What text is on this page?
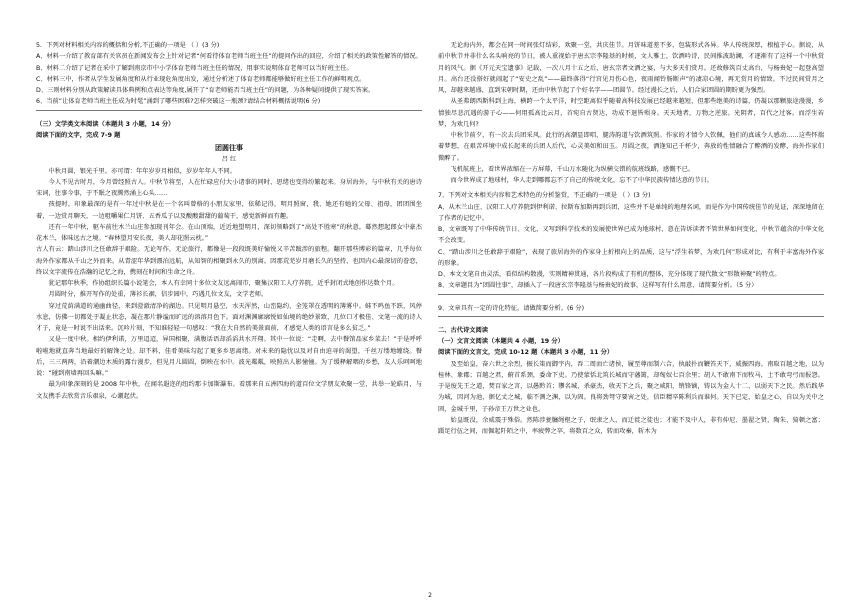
5．下列对材料相关内容的概括和分析,不正确的一项是 （ ）(3 分)

A、材料一介绍了教育部有关官员在新闻发布会上针对记者“何看待体育老师当班主任”的提问作出的回应，介绍了相关的政策性解答的情况。

B、材料二介绍了记者在采中了解到南京市中小学体育老师当班主任的情况，用事实说明体育老师可以当好班主任。

C、材料三中，作者从学生发展角度和从行业现危角度出发，通过分析述了体育老师都能够做好班主任工作的鲜明观点。

D、三则材料分别从政策解读具体典例和点表达等角度,展开了“育老师能否当班主任”的问题，为各种疑问提供了现实答案。

6、当前“让体育老师当班主任成为时髦”涌到了哪些困难?怎样突破这一瓶颈?请结合材料概括说明(6 分)

（三）文学类文本阅读（本题共 3 小题，14 分）

阅读下面的文字，完成 7-9 题

团圆往事

吕 红

中秋月圆，银光千里。亦可谓：年年岁岁月相似，岁岁年年人不同。

今人不见古时月，今月曾经照古人。中秋节将至，人在忙碌应付大小诸事的同时，思绪也变得纷繁起来。身居海外，与中秋有关的唐诗宋词，往事今事，于不眠之夜腾然涌上心头……

孩提时，印象最深的是有一年过中秋是在一个名叫曾格的小朋友家里，依稀记得，明月照窗，我、她还有她的父母、祖母，团团围坐着，一边赏月聊天，一边咀嚼果仁月饼、五香瓜子以及酸酸甜甜的葡萄干，感觉新鲜而有趣。

还有一年中秋，驱车前往木兰山庄参加现刊年会。在山顶端，近近地望明月，深切领略到了“高处不胜寒”的秋意。蓦然想起郎女中豪杰花木兰，体味远古之境。“春林望月安长夜，美人却花照云枕。”

古人有云：踏山涉川之任敢辞于艰险。无论写作，无论旅行，都像是一段段既美好愉悦又辛苦跋涉的旅程。翻开那些博彩的篇章，几乎每位海外作家都从千山之外而来。从青涩年华到漂泊远航，从知智的相聚到永久的别离。因那荒芜岁月磨长久的坚持，也因内心最深切的眷恋，终以文字流传在浩瀚的记忆之海，携刻在时间和生命之舟。

犹记那年秋季，作协组织长篇小说笔会，本人有幸同十多位文友远离闹市，聚集汉阳工人疗养院，近乎封闭式地创作达数个月。

月圆时分，推开写作的处重，薄衫长裾，信步园中，巧遇几位文友，文学老师。

穿过荒荫满道的通幽曲径，来到澄澈清净的湖边。只见明月悬空，水天浑然，山峦隐约，全笼罩在透明的薄雾中。蛙不鸣鱼不跃，风停水息，仿佛一切都处于凝止状态，凝在那片静谧而旷远的溶溶月色下。面对渊渊廓廓悦如仙境的绝妙景致，几位口才极佳、文笔一流的诗人才子，竟是一时说不出话来。沉吟片刻，不知谁轻轻一句感叹：“我在大自然的美景面前，才感觉人类的语言是多么贫乏。”

又是一度中秋。相约伊利诺，万里迢迢，异国相聚，满腹话语却滔滔共水开翔。其中一位说：“走啊，去中餐馆品家乡菜去！”于是呼呼啦啦地就直奔当地最好的解馋之处。却不料，佳肴美味勾起了更多乡思离绪。对未来的隐忧以及对自由迫寻的渴望，千丝万缕地缠绕。餐后，三三两两，沿着潮边木质的露台漫步，但见月儿圆圆，倒映在水中。波光粼粼，映照出人影憧憧。为了缓释解咽的乡愁，友人乐呵呵地说：“碰到南墙再回头嘛。”

最为印象深刻的是 2008 年中秋，在闻名遐迩的纽约那卡加斯瀑布。看那来自五洲四海的道百位文学朋友欢聚一堂，共举一轮皓月，与文友携手去欣赏音乐艰泉，心潮起伏。

无论海内外，都会在同一时间张灯结彩，欢聚一堂，共庆佳节。月饼味道差不多，包装形式各异。华人传统深厚，根植于心。据说，从前中秋节并非什么名头响亮的节日，被人重视始于唐玄宗李隆基的时候，文人雅士，饮酒吟诗，民间推波助澜，才逐渐有了这样一个中秋赏月的风气。据《开元天宝遗事》记载，一次八月十五之后，唐玄宗者文酒之宴，与大多天们赏月。还故修筑百丈高台，与杨贵妃一起登高望月。高台还没搭好就闹起了“安史之乱”——最终落得“行宫见月伤心色，夜雨闻铃肠断声”的凄凉心境，再无赏月的情致。不过民间赏月之风，却越来越盛，直到宋朝时期，还由中秋节起了个好名字——团圆节。经过漫长之后，人们合家团圆的期盼更为强烈。

从圣弗朗西斯科到上海，横跨一个太平洋，时空距离似乎随着高科技发展已经越来越短，但那些绝美的诗篇，仍凝以那颗旅途漫漫，乡情独尽悲沉遇的游子心——何用孤高比云月，首宛自古贤达，功成不退皆殒身。天天地者，万物之逆旅。光阴者，百代之过客。而浮生若梦，为欢几何?

中秋节前夕，有一次去兵团采风。此行的高潮显即唱，腿涛韵道与饮酒筑照。作家的才情令人钦佩，他们的真诚令人感动……这些怀揣着梦想，在艰苦环境中成长起来的兵团人后代，心灵美如和田玉。月圆之夜，酒逢知己千杯少，奔放的性情融合了醉酒的发酵，海外作家们微醉了。

飞机航班上，看世界浓缩在一方屏幕，千山万水随化为纵横交错的航班线路，感慨不已。

而今世界成了地球村，华人走到哪都忘不了自己的传统文化，忘不了中华民族传情达意的节日。

7、下列对文本相关内容和艺术特色的分析鉴赏，不正确的一项是 （ ）(3 分)

A、从木兰山庄、汉阳工人疗养院到伊利诺、拉斯布加斯再到兵团，这些并不是单纯的地理名词，而是作为中国传统佳节的见证，深深地留在了作者的记忆中。

B、文章既写了中华传统节日、文化，又写到科学技术的发展使世界已成为地球村，意在告诉读者不管世界如何变化，中秋节蕴含的中华文化不会改变。

C、“踏山涉川之任敢辞于艰险”，表现了旅居海外的作家身上折根向上的品质，这与“浮生若梦，为欢几何”形成对比，有利于丰富海外作家的形象。

D、本文文笔自由灵活，看似结构散漫，实则精神贯通，各片段构成了有机的整体，充分体现了现代散文“形散神聚”的特点。

8、文章题目为“团圆往事”，却插入了一段唐玄宗李隆基与杨贵妃的故事，这样写有什么用意，请简要分析。（5 分）

9、文章具有一定的诗化特征，请做简要分析。(6 分)

二、古代诗文阅读

（一）文言文阅读（本题共 4 小题，19 分）

阅读下面的文言文，完成 10-12 题（本题共 3 小题，11 分）

及至始皇，奋六世之余烈，振长策而御宇内，吞二周而亡诸侯，履至尊而制六合，执敲扑而鞭笞天下，威振四海。南取百越之地，以为桂林、象郡；百越之君，俯首系颈，委命下吏。乃使蒙恬北筑长城而守藩篱，却匈奴七百余里；胡人不敢南下而牧马，士不敢弯弓而报怨。于是废先王之道，焚百家之言，以愚黔首；隳名城，杀豪杰，收天下之兵，聚之咸阳，销锋镝，铸以为金人十二，以弱天下之民。然后践华为城，因河为池，据亿丈之城，临不测之渊，以为固。良将劲弩守要害之处，信臣精卒陈利兵而谁何。天下已定，始皇之心，自以为关中之固，金城千里，子孙帝王万世之业也。

始皇既没，余威震于殊俗。然陈涉瓮牖绳枢之子，氓隶之人，而迁徙之徒也；才能不及中人，非有仲尼、墨翟之贤，陶朱、猗顿之富；蹑足行伍之间，而倔起阡陌之中，率疲弊之卒，将数百之众，转而攻秦，斩木为

2
